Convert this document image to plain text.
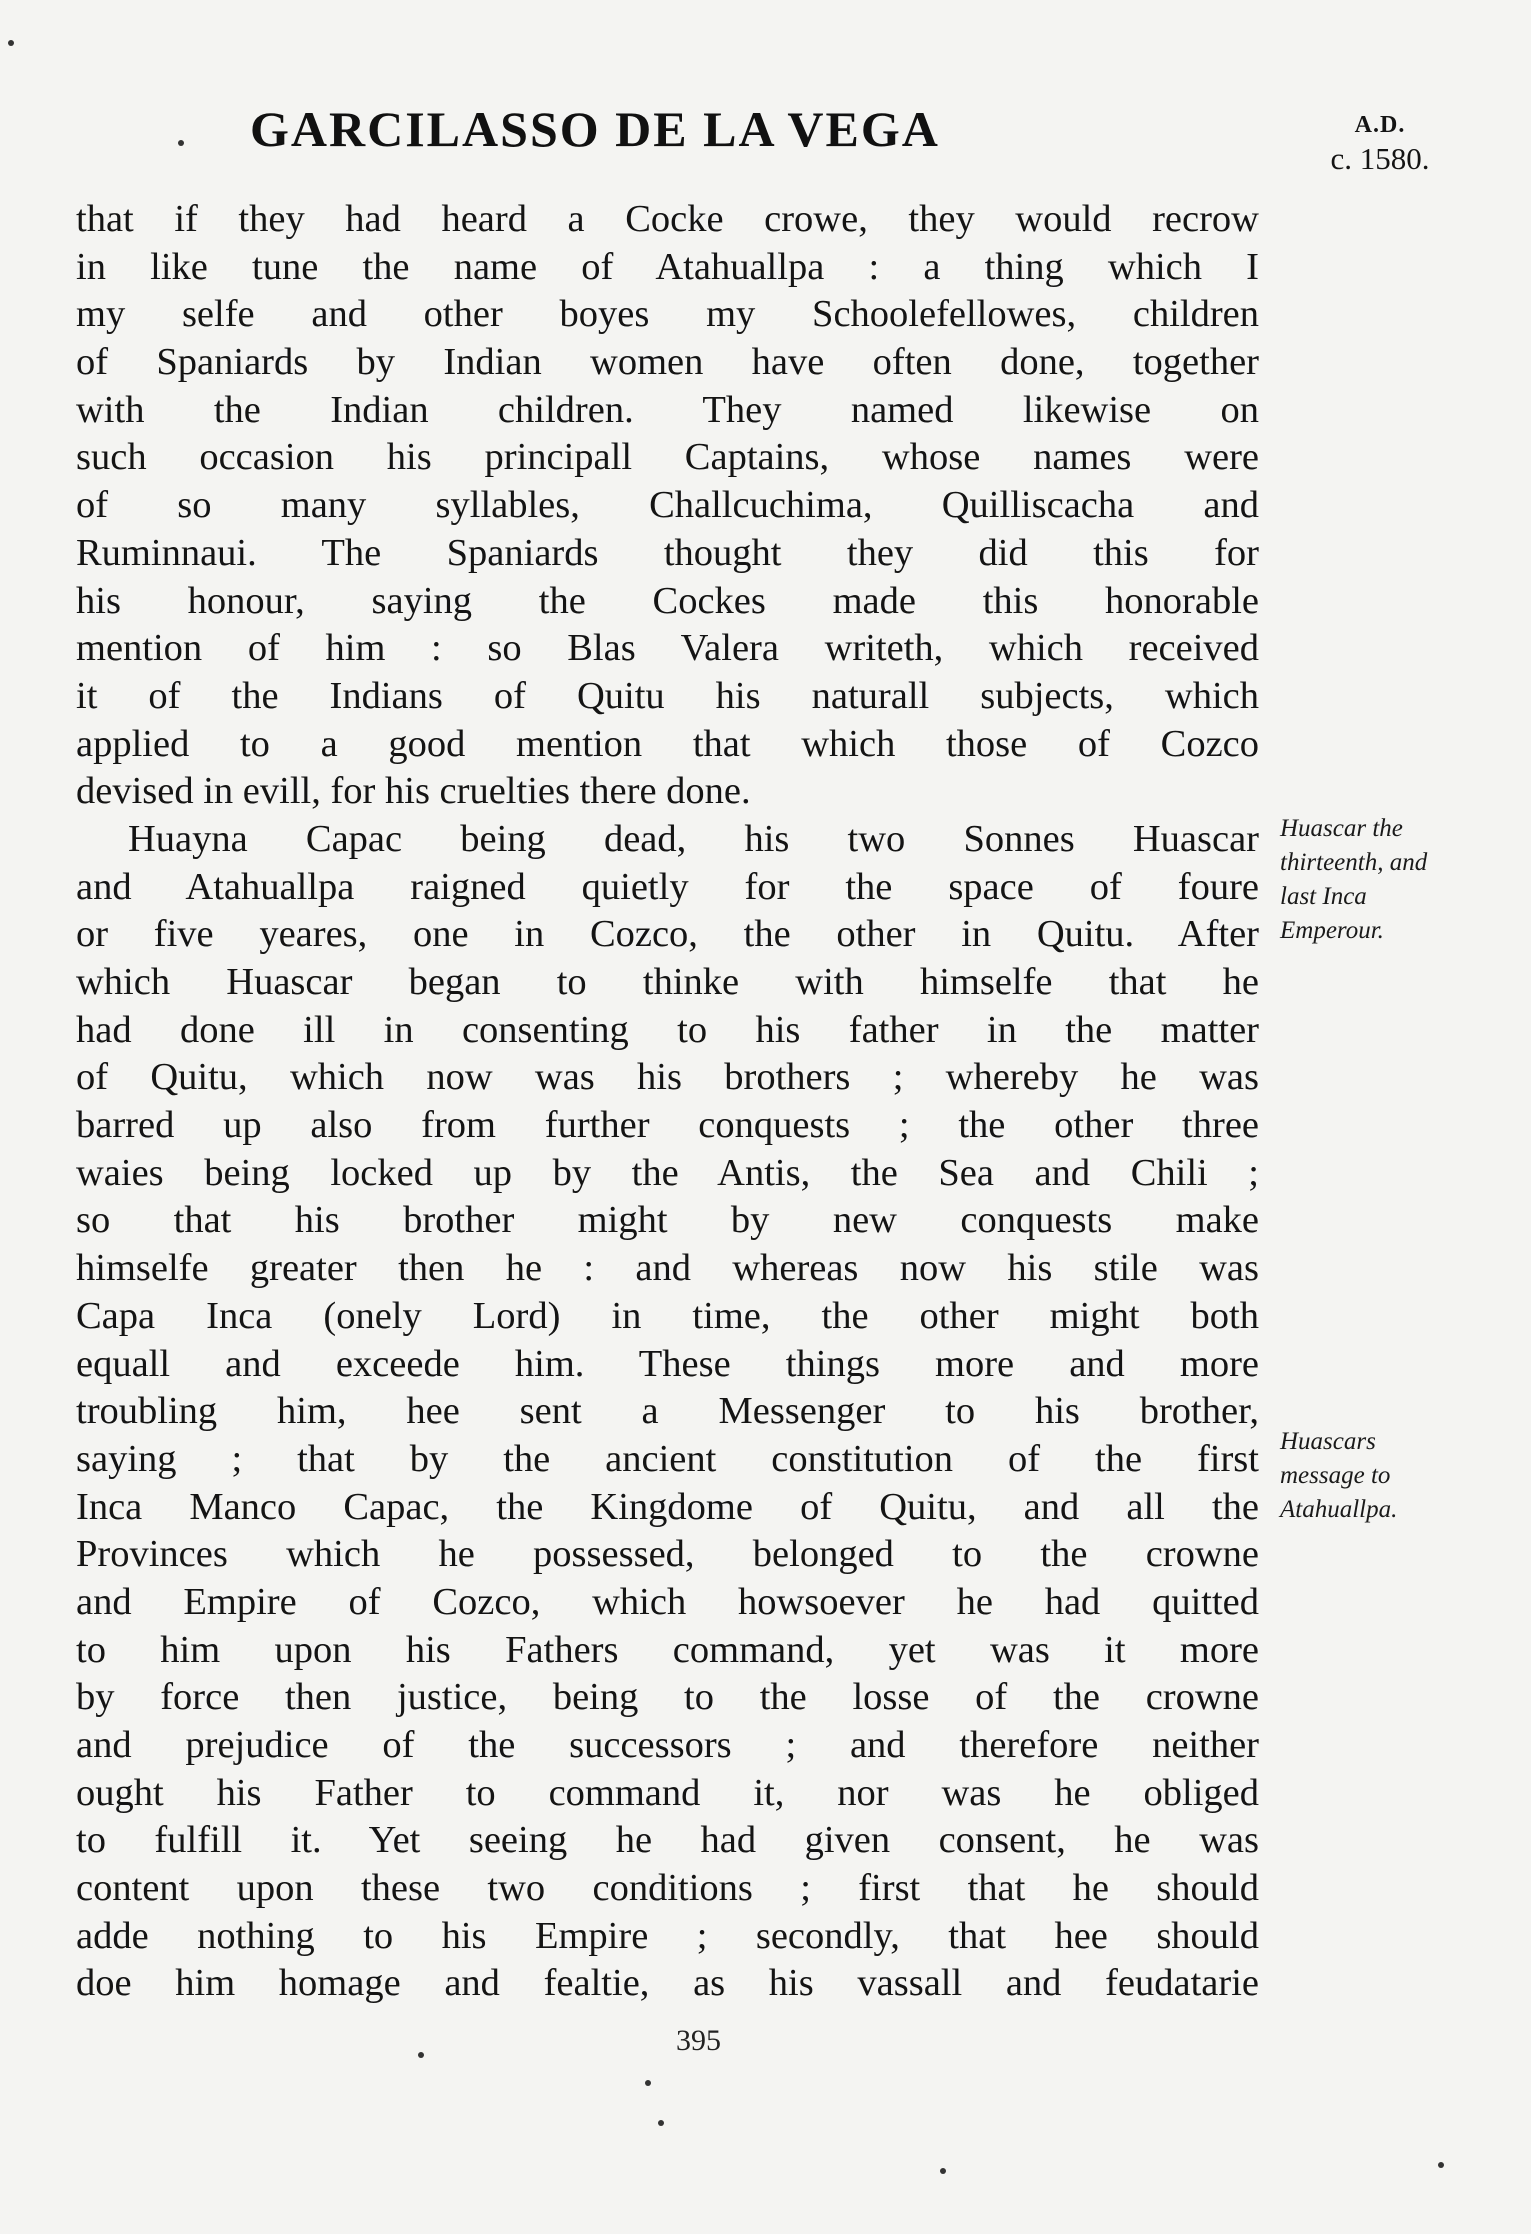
GARCILASSO DE LA VEGA	A.D.
c. 1580.
that if they had heard a Cocke crowe, they would recrow
in like tune the name of Atahuallpa : a thing which I
my selfe and other boyes my Schoolefellowes, children
of Spaniards by Indian women have often done, together
with the Indian children. They named likewise on
such occasion his principall Captains, whose names were
of so many syllables, Challcuchima, Quilliscacha and
Ruminnaui. The Spaniards thought they did this for
his honour, saying the Cockes made this honorable
mention of him : so Blas Valera writeth, which received
it of the Indians of Quitu his naturall subjects, which
applied to a good mention that which those of Cozco
devised in evill, for his cruelties there done.
Huayna Capac being dead, his two Sonnes Huascar
and Atahuallpa raigned quietly for the space of foure
or five yeares, one in Cozco, the other in Quitu. After
which Huascar began to thinke with himselfe that he
had done ill in consenting to his father in the matter
of Quitu, which now was his brothers ; whereby he was
barred up also from further conquests ; the other three
waies being locked up by the Antis, the Sea and Chili ;
so that his brother might by new conquests make
himselfe greater then he : and whereas now his stile was
Capa Inca (onely Lord) in time, the other might both
equall and exceede him. These things more and more
troubling him, hee sent a Messenger to his brother,
saying ; that by the ancient constitution of the first
Inca Manco Capac, the Kingdome of Quitu, and all the
Provinces which he possessed, belonged to the crowne
and Empire of Cozco, which howsoever he had quitted
to him upon his Fathers command, yet was it more
by force then justice, being to the losse of the crowne
and prejudice of the successors ; and therefore neither
ought his Father to command it, nor was he obliged
to fulfill it. Yet seeing he had given consent, he was
content upon these two conditions ; first that he should
adde nothing to his Empire ; secondly, that hee should
doe him homage and fealtie, as his vassall and feudatarie
Huascar the
thirteenth, and
last Inca
Emperour.
Huascars
message to
Atahuallpa.
395
